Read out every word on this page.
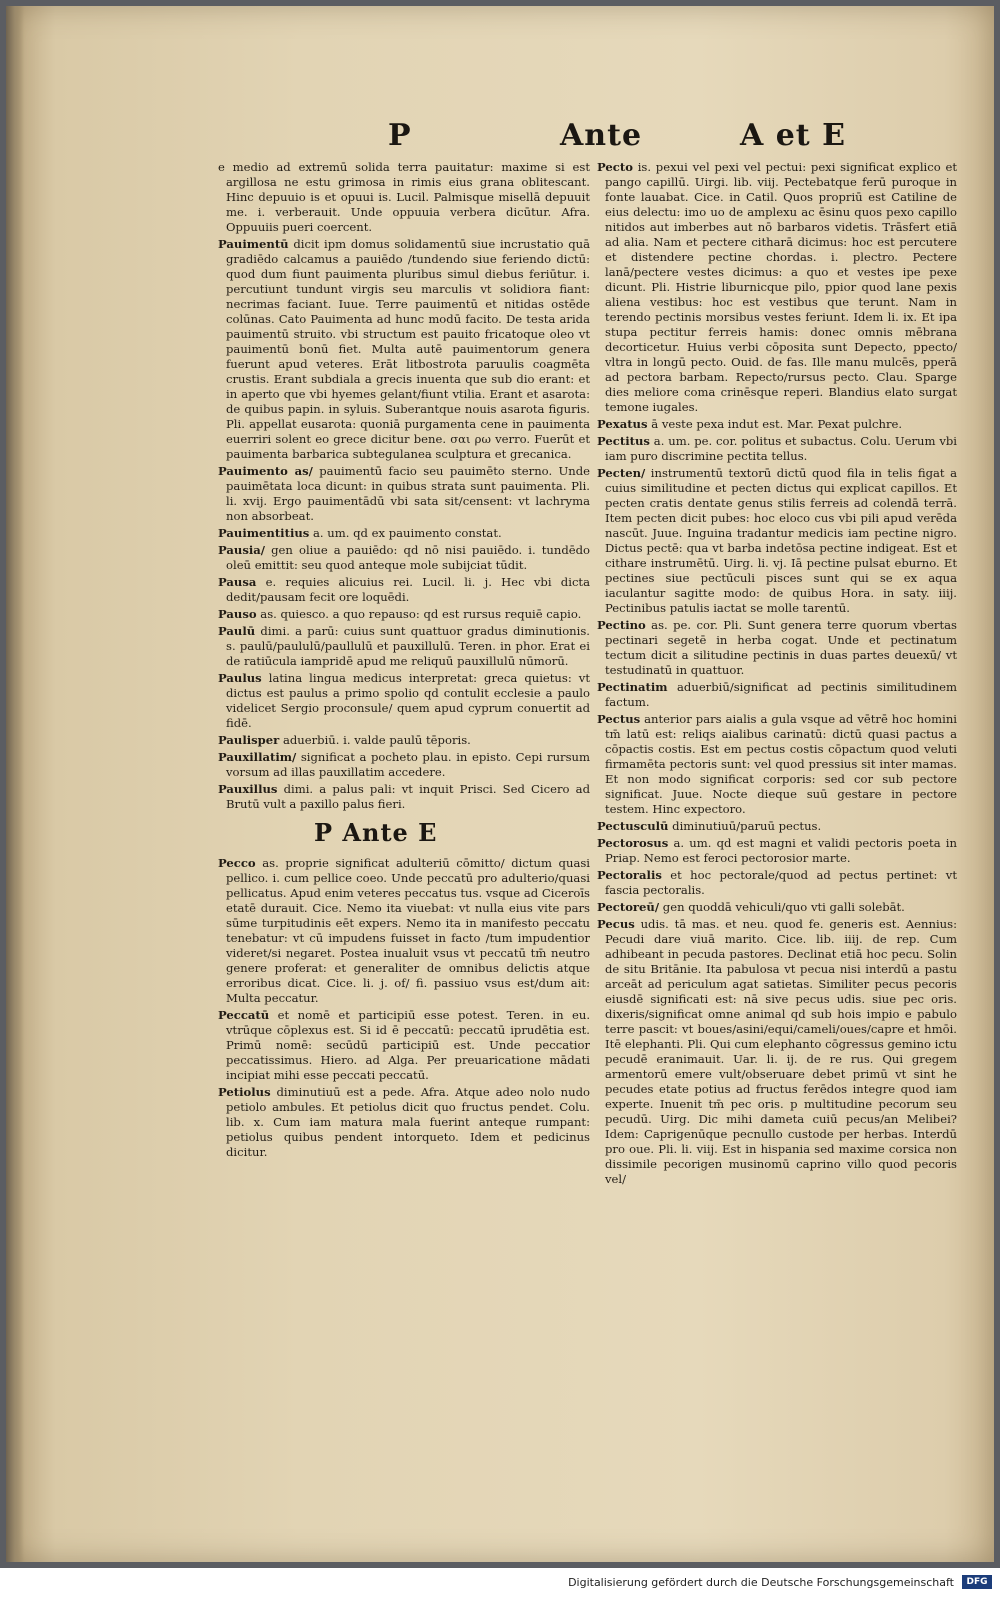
P	Ante	A et E

e medio ad extremū solida terra pauitatur: maxime si est argillosa ne estu grimosa in rimis eius grana oblitescant. Hinc depuuio is et opuui is. Lucil. Palmisque misellā depuuit me. i. verberauit. Unde oppuuia verbera dicūtur. Afra. Oppuuiis pueri coercent.

Pauimentū dicit ipm domus solidamentū siue incrustatio quā gradiēdo calcamus a pauiēdo /tundendo siue feriendo dictū: quod dum fiunt pauimenta pluribus simul diebus feriūtur. i. percutiunt tundunt virgis seu marculis vt solidiora fiant: necrimas faciant. Iuue. Terre pauimentū et nitidas ostēde colūnas. Cato Pauimenta ad hunc modū facito. De testa arida pauimentū struito. vbi structum est pauito fricatoque oleo vt pauimentū bonū fiet. Multa autē pauimentorum genera fuerunt apud veteres. Erāt litbostrota paruulis coagmēta crustis. Erant subdiala a grecis inuenta que sub dio erant: et in aperto que vbi hyemes gelant/fiunt vtilia. Erant et asarota: de quibus papin. in syluis. Suberantque nouis asarota figuris. Pli. appellat eusarota: quoniā purgamenta cene in pauimenta euerriri solent eo grece dicitur bene. σαι ρω verro. Fuerūt et pauimenta barbarica subtegulanea sculptura et grecanica.

Pauimento as/ pauimentū facio seu pauimēto sterno. Unde pauimētata loca dicunt: in quibus strata sunt pauimenta. Pli. li. xvij. Ergo pauimentādū vbi sata sit/censent: vt lachryma non absorbeat.

Pauimentitius a. um. qd ex pauimento constat.

Pausia/ gen oliue a pauiēdo: qd nō nisi pauiēdo. i. tundēdo oleū emittit: seu quod anteque mole subijciat tūdit.

Pausa e. requies alicuius rei. Lucil. li. j. Hec vbi dicta dedit/pausam fecit ore loquēdi.

Pauso as. quiesco. a quo repauso: qd est rursus requiē capio.

Paulū dimi. a parū: cuius sunt quattuor gradus diminutionis. s. paulū/paululū/paullulū et pauxillulū. Teren. in phor. Erat ei de ratiūcula iampridē apud me reliquū pauxillulū nūmorū.

Paulus latina lingua medicus interpretat: greca quietus: vt dictus est paulus a primo spolio qd contulit ecclesie a paulo videlicet Sergio proconsule/ quem apud cyprum conuertit ad fidē.

Paulisper aduerbiū. i. valde paulū tēporis.

Pauxillatim/ significat a pocheto plau. in episto. Cepi rursum vorsum ad illas pauxillatim accedere.

Pauxillus dimi. a palus pali: vt inquit Prisci. Sed Cicero ad Brutū vult a paxillo palus fieri.

P Ante E

Pecco as. proprie significat adulteriū cōmitto/ dictum quasi pellico. i. cum pellice coeo. Unde peccatū pro adulterio/quasi pellicatus. Apud enim veteres peccatus tus. vsque ad Ciceroīs etatē durauit. Cice. Nemo ita viuebat: vt nulla eius vite pars sūme turpitudinis eēt expers. Nemo ita in manifesto peccatu tenebatur: vt cū impudens fuisset in facto /tum impudentior videret/si negaret. Postea inualuit vsus vt peccatū tm̄ neutro genere proferat: et generaliter de omnibus delictis atque erroribus dicat. Cice. li. j. of/ fi. passiuo vsus est/dum ait: Multa peccatur.

Peccatū et nomē et participiū esse potest. Teren. in eu. vtrūque cōplexus est. Si id ē peccatū: peccatū iprudētia est. Primū nomē: secūdū participiū est. Unde peccatior peccatissimus. Hiero. ad Alga. Per preuaricatione mādati incipiat mihi esse peccati peccatū.

Petiolus diminutiuū est a pede. Afra. Atque adeo nolo nudo petiolo ambules. Et petiolus dicit quo fructus pendet. Colu. lib. x. Cum iam matura mala fuerint anteque rumpant: petiolus quibus pendent intorqueto. Idem et pedicinus dicitur.

Pecto is. pexui vel pexi vel pectui: pexi significat explico et pango capillū. Uirgi. lib. viij. Pectebatque ferū puroque in fonte lauabat. Cice. in Catil. Quos propriū est Catiline de eius delectu: imo uo de amplexu ac ēsinu quos pexo capillo nitidos aut imberbes aut nō barbaros videtis. Trāsfert etiā ad alia. Nam et pectere citharā dicimus: hoc est percutere et distendere pectine chordas. i. plectro. Pectere lanā/pectere vestes dicimus: a quo et vestes ipe pexe dicunt. Pli. Histrie liburnicque pilo, ppior quod lane pexis aliena vestibus: hoc est vestibus que terunt. Nam in terendo pectinis morsibus vestes feriunt. Idem li. ix. Et ipa stupa pectitur ferreis hamis: donec omnis mēbrana decorticetur. Huius verbi cōposita sunt Depecto, ppecto/ vltra in longū pecto. Ouid. de fas. Ille manu mulcēs, pperā ad pectora barbam. Repecto/rursus pecto. Clau. Sparge dies meliore coma crinēsque reperi. Blandius elato surgat temone iugales.

Pexatus ā veste pexa indut est. Mar. Pexat pulchre.

Pectitus a. um. pe. cor. politus et subactus. Colu. Uerum vbi iam puro discrimine pectita tellus.

Pecten/ instrumentū textorū dictū quod fila in telis figat a cuius similitudine et pecten dictus qui explicat capillos. Et pecten cratis dentate genus stilis ferreis ad colendā terrā. Item pecten dicit pubes: hoc eloco cus vbi pili apud verēda nascūt. Juue. Inguina tradantur medicis iam pectine nigro. Dictus pectē: qua vt barba indetōsa pectine indigeat. Est et cithare instrumētū. Uirg. li. vj. Iā pectine pulsat eburno. Et pectines siue pectūculi pisces sunt qui se ex aqua iaculantur sagitte modo: de quibus Hora. in saty. iiij. Pectinibus patulis iactat se molle tarentū.

Pectino as. pe. cor. Pli. Sunt genera terre quorum vbertas pectinari segetē in herba cogat. Unde et pectinatum tectum dicit a silitudine pectinis in duas partes deuexū/ vt testudinatū in quattuor.

Pectinatim aduerbiū/significat ad pectinis similitudinem factum.

Pectus anterior pars aialis a gula vsque ad vētrē hoc homini tm̄ latū est: reliqs aialibus carinatū: dictū quasi pactus a cōpactis costis. Est em pectus costis cōpactum quod veluti firmamēta pectoris sunt: vel quod pressius sit inter mamas. Et non modo significat corporis: sed cor sub pectore significat. Juue. Nocte dieque suū gestare in pectore testem. Hinc expectoro.

Pectusculū diminutiuū/paruū pectus.

Pectorosus a. um. qd est magni et validi pectoris poeta in Priap. Nemo est feroci pectorosior marte.

Pectoralis et hoc pectorale/quod ad pectus pertinet: vt fascia pectoralis.

Pectoreū/ gen quoddā vehiculi/quo vti galli solebāt.

Pecus udis. tā mas. et neu. quod fe. generis est. Aennius: Pecudi dare viuā marito. Cice. lib. iiij. de rep. Cum adhibeant in pecuda pastores. Declinat etiā hoc pecu. Solin de situ Britānie. Ita pabulosa vt pecua nisi interdū a pastu arceāt ad periculum agat satietas. Similiter pecus pecoris eiusdē significati est: nā sive pecus udis. siue pec oris. dixeris/significat omne animal qd sub hois impio e pabulo terre pascit: vt boues/asini/equi/cameli/oues/capre et hmōi. Itē elephanti. Pli. Qui cum elephanto cōgressus gemino ictu pecudē eranimauit. Uar. li. ij. de re rus. Qui gregem armentorū emere vult/obseruare debet primū vt sint he pecudes etate potius ad fructus ferēdos integre quod iam experte. Inuenit tm̄ pec oris. p multitudine pecorum seu pecudū. Uirg. Dic mihi dameta cuiū pecus/an Melibei? Idem: Caprigenūque pecnullo custode per herbas. Interdū pro oue. Pli. li. viij. Est in hispania sed maxime corsica non dissimile pecorigen musinomū caprino villo quod pecoris vel/

Digitalisierung gefördert durch die Deutsche Forschungsgemeinschaft	DFG
